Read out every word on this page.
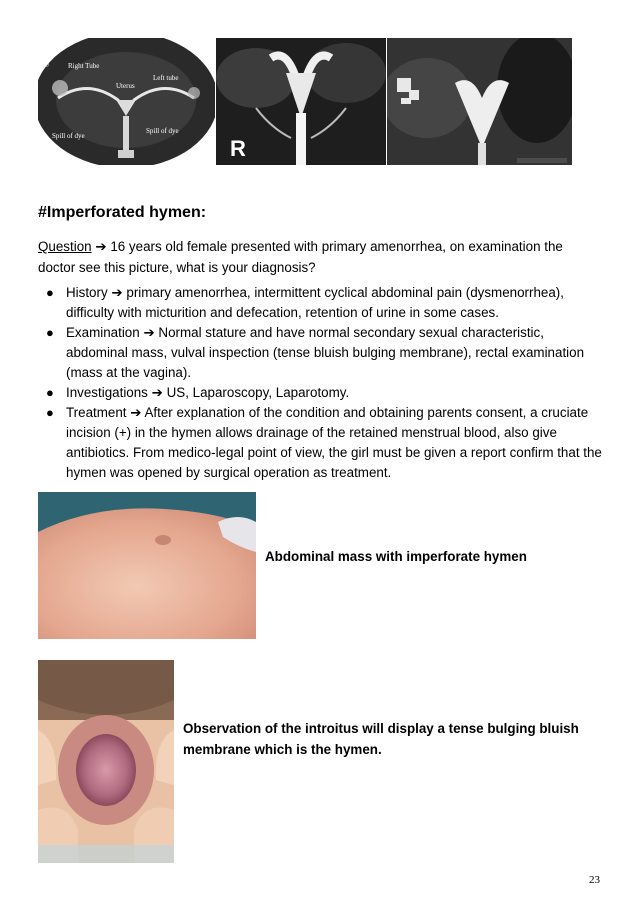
◎	Right Tube
Left tube
Uterus
Spill of dye
Spill of dye
R
#Imperforated hymen:
Question ➔ 16 years old female presented with primary amenorrhea, on examination the doctor see this picture, what is your diagnosis?
● History ➔ primary amenorrhea, intermittent cyclical abdominal pain (dysmenorrhea), difficulty with micturition and defecation, retention of urine in some cases.
● Examination ➔ Normal stature and have normal secondary sexual characteristic, abdominal mass, vulval inspection (tense bluish bulging membrane), rectal examination (mass at the vagina).
● Investigations ➔ US, Laparoscopy, Laparotomy.
● Treatment ➔ After explanation of the condition and obtaining parents consent, a cruciate incision (+) in the hymen allows drainage of the retained menstrual blood, also give antibiotics. From medico-legal point of view, the girl must be given a report confirm that the hymen was opened by surgical operation as treatment.
Abdominal mass with imperforate hymen
Observation of the introitus will display a tense bulging bluish membrane which is the hymen.
23
